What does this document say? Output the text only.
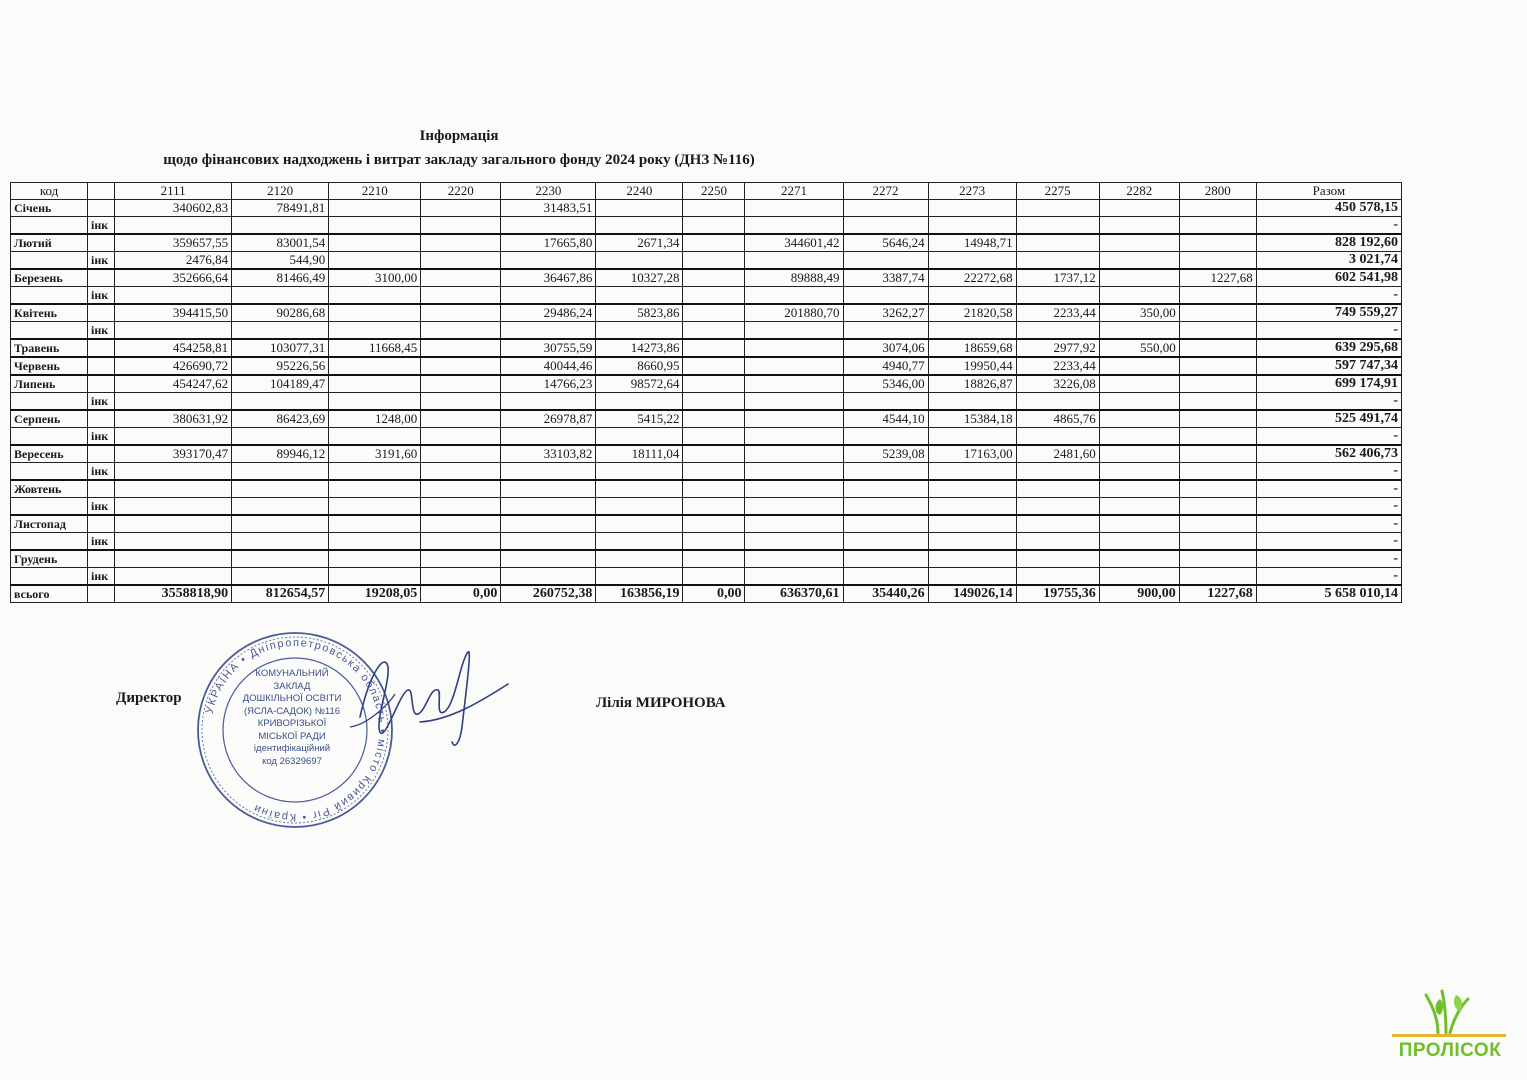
Інформація
щодо фінансових надходжень і витрат закладу загального фонду 2024 року (ДНЗ №116)
код		2111	2120	2210	2220	2230	2240	2250	2271	2272	2273	2275	2282	2800	Разом
Січень		340602,83	78491,81			31483,51									450 578,15
	інк														-
Лютий		359657,55	83001,54			17665,80	2671,34		344601,42	5646,24	14948,71				828 192,60
	інк	2476,84	544,90												3 021,74
Березень		352666,64	81466,49	3100,00		36467,86	10327,28		89888,49	3387,74	22272,68	1737,12		1227,68	602 541,98
	інк														-
Квітень		394415,50	90286,68			29486,24	5823,86		201880,70	3262,27	21820,58	2233,44	350,00		749 559,27
	інк														-
Травень		454258,81	103077,31	11668,45		30755,59	14273,86			3074,06	18659,68	2977,92	550,00		639 295,68
Червень		426690,72	95226,56			40044,46	8660,95			4940,77	19950,44	2233,44			597 747,34
Липень		454247,62	104189,47			14766,23	98572,64			5346,00	18826,87	3226,08			699 174,91
	інк														-
Серпень		380631,92	86423,69	1248,00		26978,87	5415,22			4544,10	15384,18	4865,76			525 491,74
	інк														-
Вересень		393170,47	89946,12	3191,60		33103,82	18111,04			5239,08	17163,00	2481,60			562 406,73
	інк														-
Жовтень															-
	інк														-
Листопад															-
	інк														-
Грудень															-
	інк														-
всього		3558818,90	812654,57	19208,05	0,00	260752,38	163856,19	0,00	636370,61	35440,26	149026,14	19755,36	900,00	1227,68	5 658 010,14
Директор
УКРАЇНА • Дніпропетровська область • місто Кривий Ріг • Країни
КОМУНАЛЬНИЙ
ЗАКЛАД
ДОШКІЛЬНОЇ ОСВІТИ
(ЯСЛА-САДОК) №116
КРИВОРІЗЬКОЇ
МІСЬКОЇ РАДИ
ідентифікаційний
код 26329697
Лілія МИРОНОВА
ПРОЛІСОК
